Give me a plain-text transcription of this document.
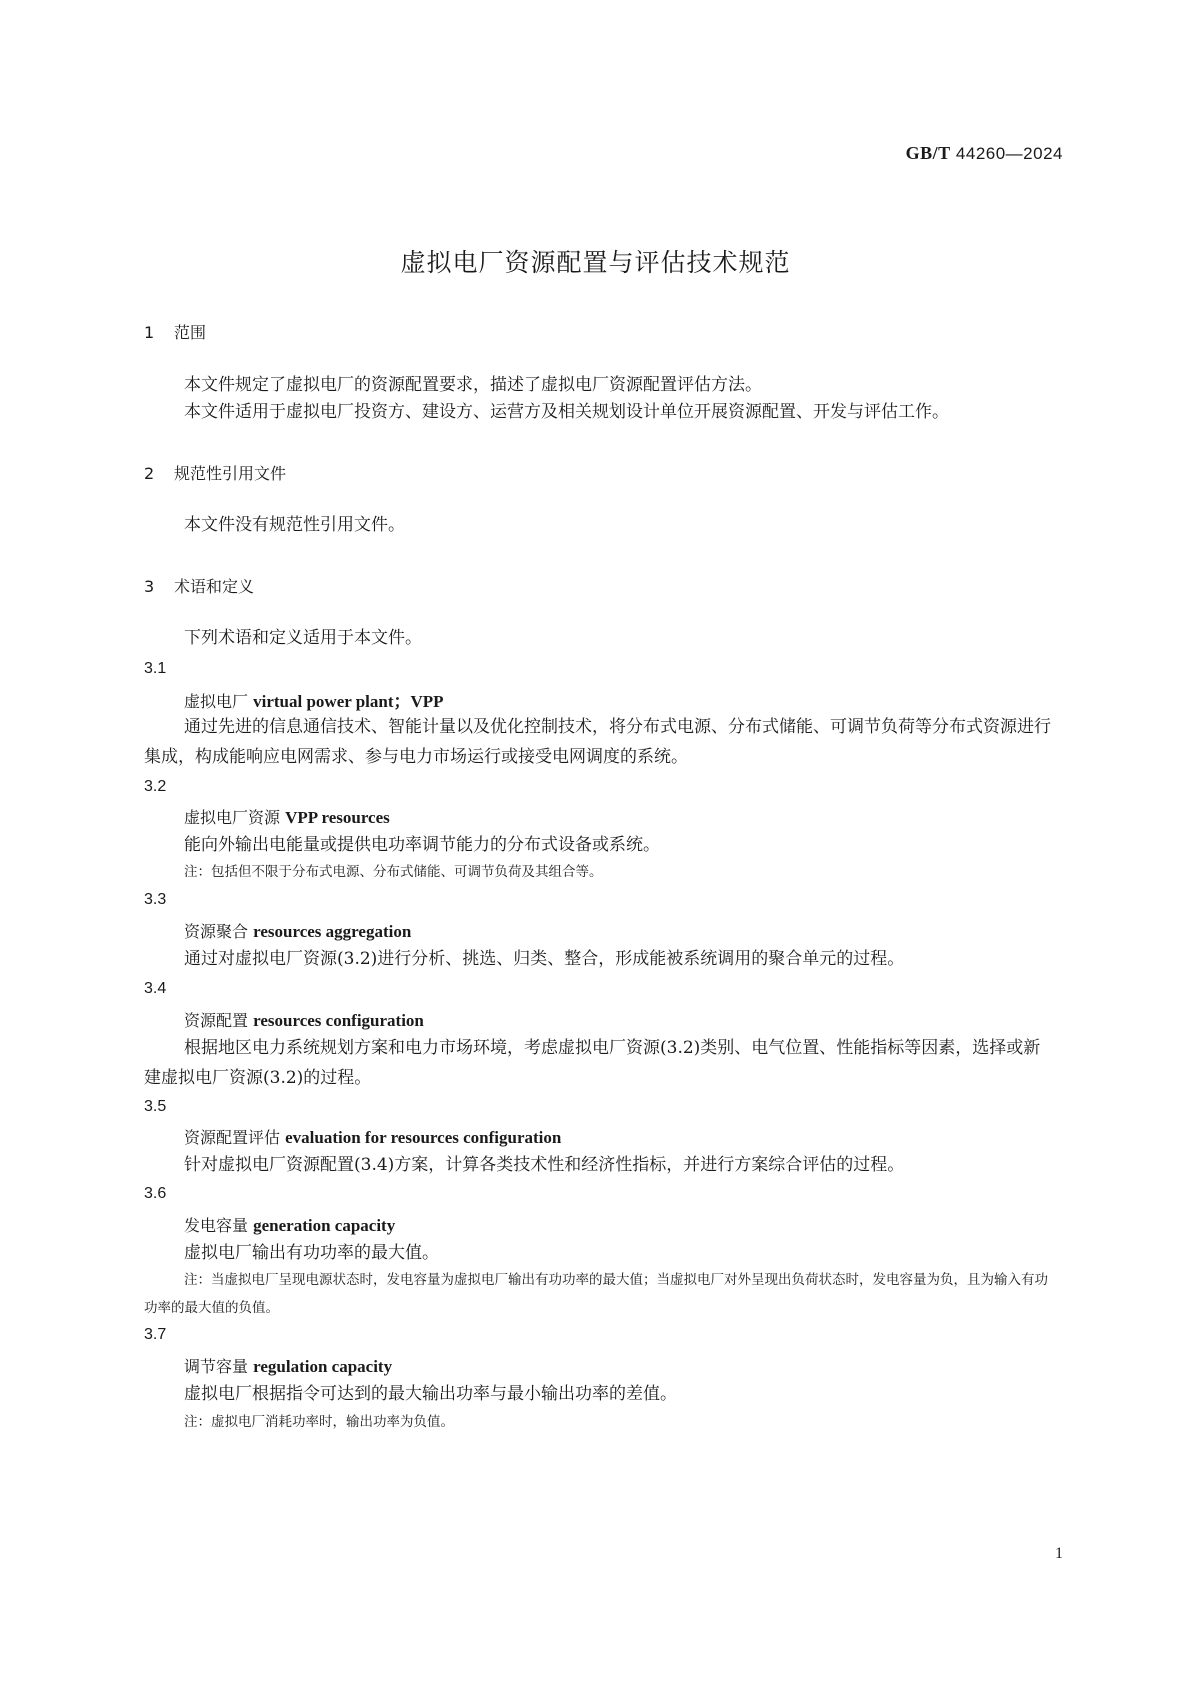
GB/T 44260—2024
虚拟电厂资源配置与评估技术规范
1 范围
本文件规定了虚拟电厂的资源配置要求，描述了虚拟电厂资源配置评估方法。
本文件适用于虚拟电厂投资方、建设方、运营方及相关规划设计单位开展资源配置、开发与评估工作。
2 规范性引用文件
本文件没有规范性引用文件。
3 术语和定义
下列术语和定义适用于本文件。
3.1
虚拟电厂 virtual power plant；VPP
通过先进的信息通信技术、智能计量以及优化控制技术，将分布式电源、分布式储能、可调节负荷等分布式资源进行集成，构成能响应电网需求、参与电力市场运行或接受电网调度的系统。
3.2
虚拟电厂资源 VPP resources
能向外输出电能量或提供电功率调节能力的分布式设备或系统。
注：包括但不限于分布式电源、分布式储能、可调节负荷及其组合等。
3.3
资源聚合 resources aggregation
通过对虚拟电厂资源(3.2)进行分析、挑选、归类、整合，形成能被系统调用的聚合单元的过程。
3.4
资源配置 resources configuration
根据地区电力系统规划方案和电力市场环境，考虑虚拟电厂资源(3.2)类别、电气位置、性能指标等因素，选择或新建虚拟电厂资源(3.2)的过程。
3.5
资源配置评估 evaluation for resources configuration
针对虚拟电厂资源配置(3.4)方案，计算各类技术性和经济性指标，并进行方案综合评估的过程。
3.6
发电容量 generation capacity
虚拟电厂输出有功功率的最大值。
注：当虚拟电厂呈现电源状态时，发电容量为虚拟电厂输出有功功率的最大值；当虚拟电厂对外呈现出负荷状态时，发电容量为负，且为输入有功功率的最大值的负值。
3.7
调节容量 regulation capacity
虚拟电厂根据指令可达到的最大输出功率与最小输出功率的差值。
注：虚拟电厂消耗功率时，输出功率为负值。
1
